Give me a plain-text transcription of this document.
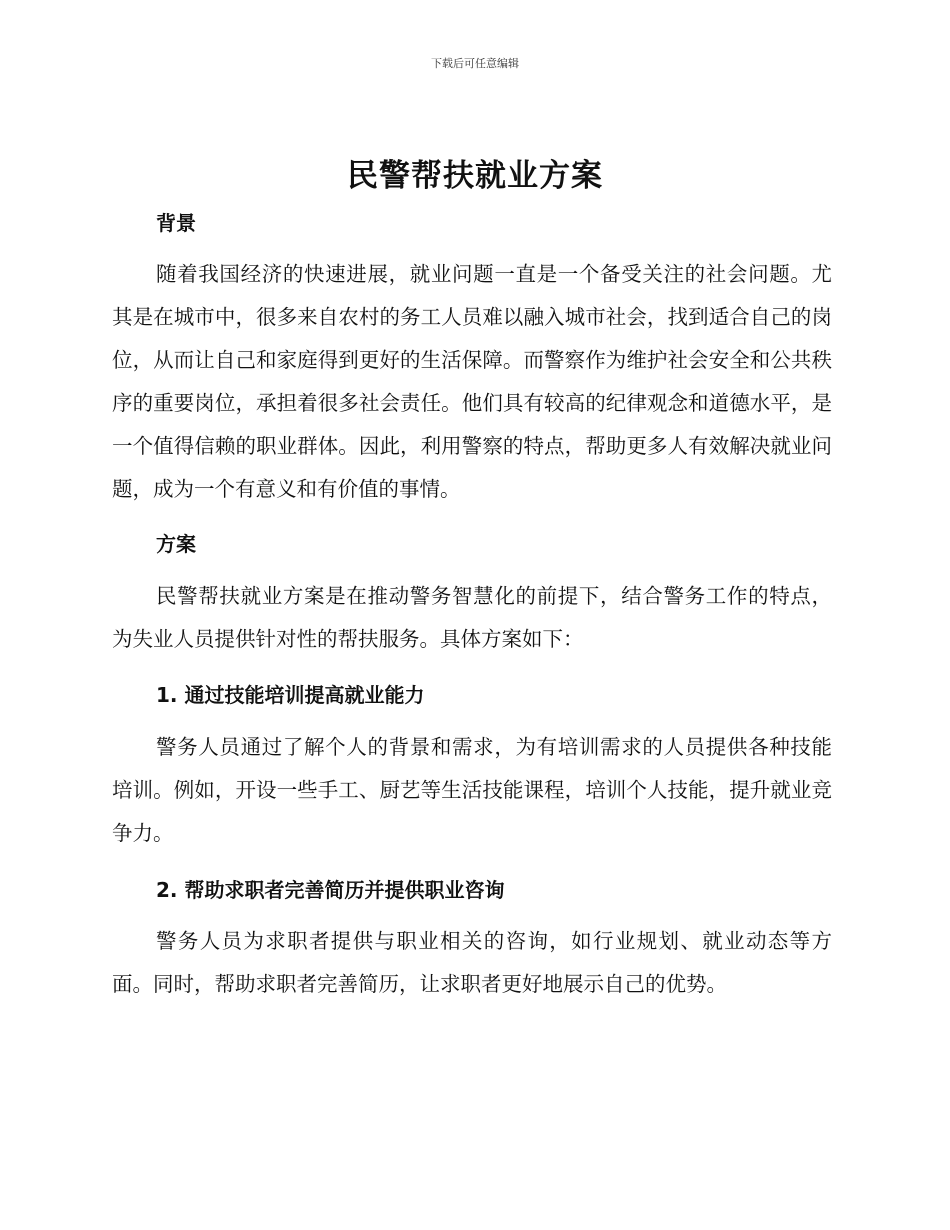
下载后可任意编辑
民警帮扶就业方案
背景

随着我国经济的快速进展，就业问题一直是一个备受关注的社会问题。尤其是在城市中，很多来自农村的务工人员难以融入城市社会，找到适合自己的岗位，从而让自己和家庭得到更好的生活保障。而警察作为维护社会安全和公共秩序的重要岗位，承担着很多社会责任。他们具有较高的纪律观念和道德水平，是一个值得信赖的职业群体。因此，利用警察的特点，帮助更多人有效解决就业问题，成为一个有意义和有价值的事情。

方案

民警帮扶就业方案是在推动警务智慧化的前提下，结合警务工作的特点，为失业人员提供针对性的帮扶服务。具体方案如下：

1. 通过技能培训提高就业能力

警务人员通过了解个人的背景和需求，为有培训需求的人员提供各种技能培训。例如，开设一些手工、厨艺等生活技能课程，培训个人技能，提升就业竞争力。

2. 帮助求职者完善简历并提供职业咨询

警务人员为求职者提供与职业相关的咨询，如行业规划、就业动态等方面。同时，帮助求职者完善简历，让求职者更好地展示自己的优势。
